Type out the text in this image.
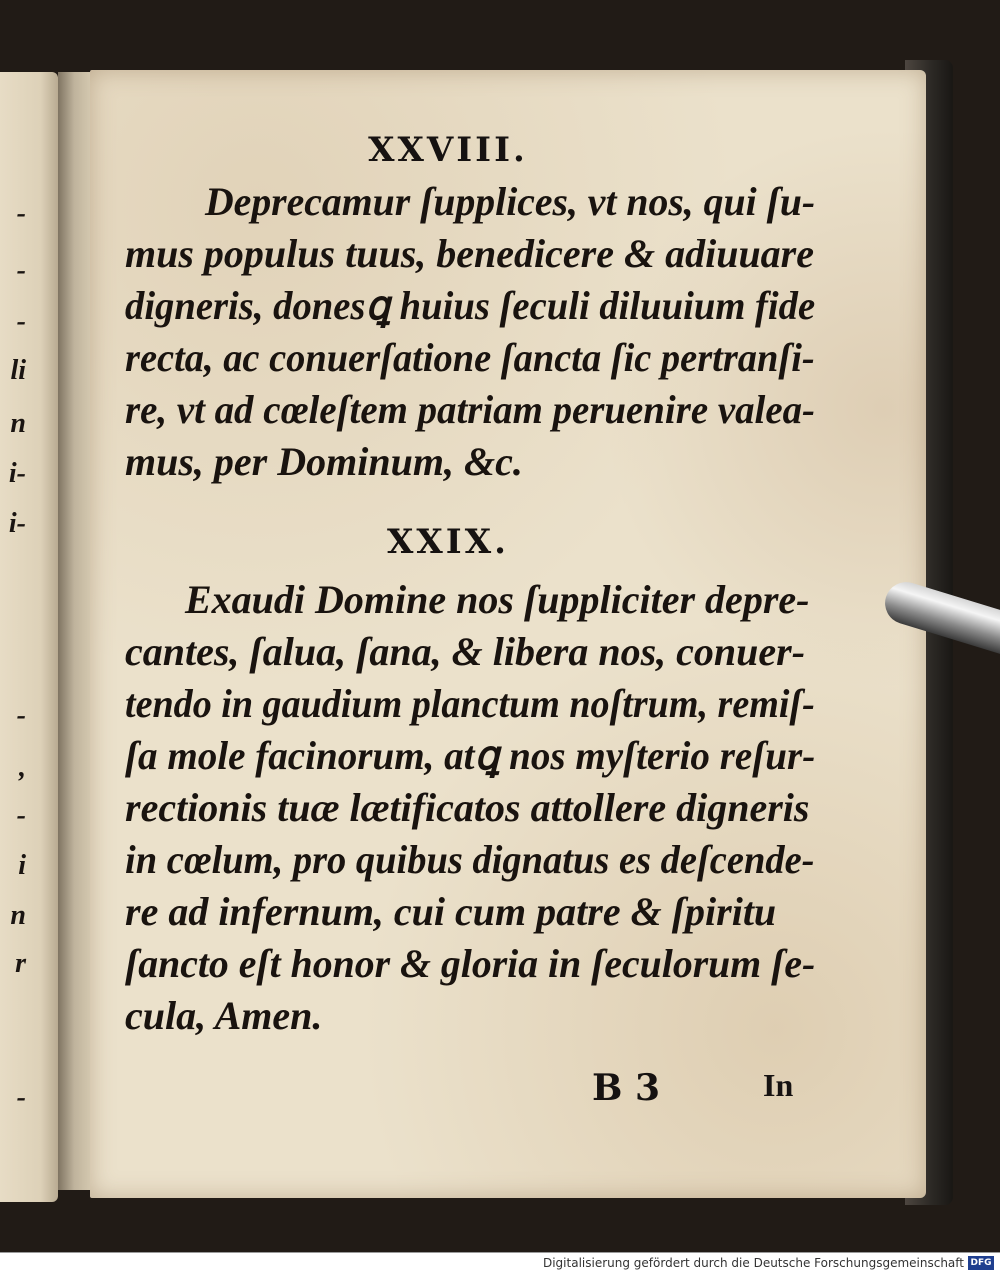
-
-
-
li
n
i-
i-
-
,
-
i
n
r
-
XXVIII.
Deprecamur ſupplices, vt nos, qui ſu-
mus populus tuus, benedicere & adiuuare
digneris, donesꝗ huius ſeculi diluuium fide
recta, ac conuerſatione ſancta ſic pertranſi-
re, vt ad cœleſtem patriam peruenire valea-
mus, per Dominum, &c.
XXIX.
Exaudi Domine nos ſuppliciter depre-
cantes, ſalua, ſana, & libera nos, conuer-
tendo in gaudium planctum noſtrum, remiſ-
ſa mole facinorum, atꝗ nos myſterio reſur-
rectionis tuæ lætificatos attollere digneris
in cœlum, pro quibus dignatus es deſcende-
re ad infernum, cui cum patre & ſpiritu
ſancto eſt honor & gloria in ſeculorum ſe-
cula, Amen.
B 3	In
Digitalisierung gefördert durch die Deutsche Forschungsgemeinschaft DFG
